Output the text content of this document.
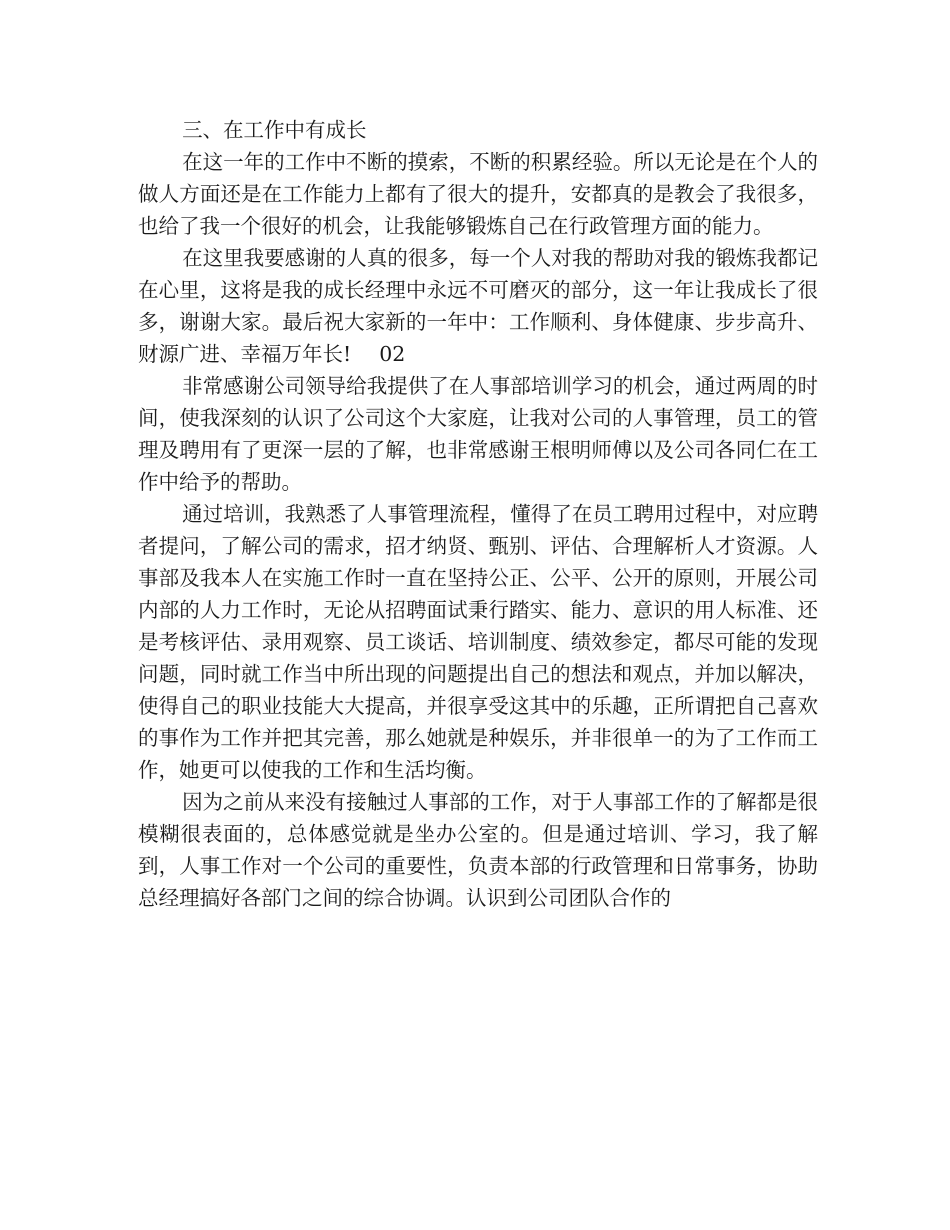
三、在工作中有成长

在这一年的工作中不断的摸索，不断的积累经验。所以无论是在个人的做人方面还是在工作能力上都有了很大的提升，安都真的是教会了我很多，也给了我一个很好的机会，让我能够锻炼自己在行政管理方面的能力。

在这里我要感谢的人真的很多，每一个人对我的帮助对我的锻炼我都记在心里，这将是我的成长经理中永远不可磨灭的部分，这一年让我成长了很多，谢谢大家。最后祝大家新的一年中：工作顺利、身体健康、步步高升、财源广进、幸福万年长! 02

非常感谢公司领导给我提供了在人事部培训学习的机会，通过两周的时间，使我深刻的认识了公司这个大家庭，让我对公司的人事管理，员工的管理及聘用有了更深一层的了解，也非常感谢王根明师傅以及公司各同仁在工作中给予的帮助。

通过培训，我熟悉了人事管理流程，懂得了在员工聘用过程中，对应聘者提问，了解公司的需求，招才纳贤、甄别、评估、合理解析人才资源。人事部及我本人在实施工作时一直在坚持公正、公平、公开的原则，开展公司内部的人力工作时，无论从招聘面试秉行踏实、能力、意识的用人标准、还是考核评估、录用观察、员工谈话、培训制度、绩效参定，都尽可能的发现问题，同时就工作当中所出现的问题提出自己的想法和观点，并加以解决，使得自己的职业技能大大提高，并很享受这其中的乐趣，正所谓把自己喜欢的事作为工作并把其完善，那么她就是种娱乐，并非很单一的为了工作而工作，她更可以使我的工作和生活均衡。

因为之前从来没有接触过人事部的工作，对于人事部工作的了解都是很模糊很表面的，总体感觉就是坐办公室的。但是通过培训、学习，我了解到，人事工作对一个公司的重要性，负责本部的行政管理和日常事务，协助总经理搞好各部门之间的综合协调。认识到公司团队合作的
